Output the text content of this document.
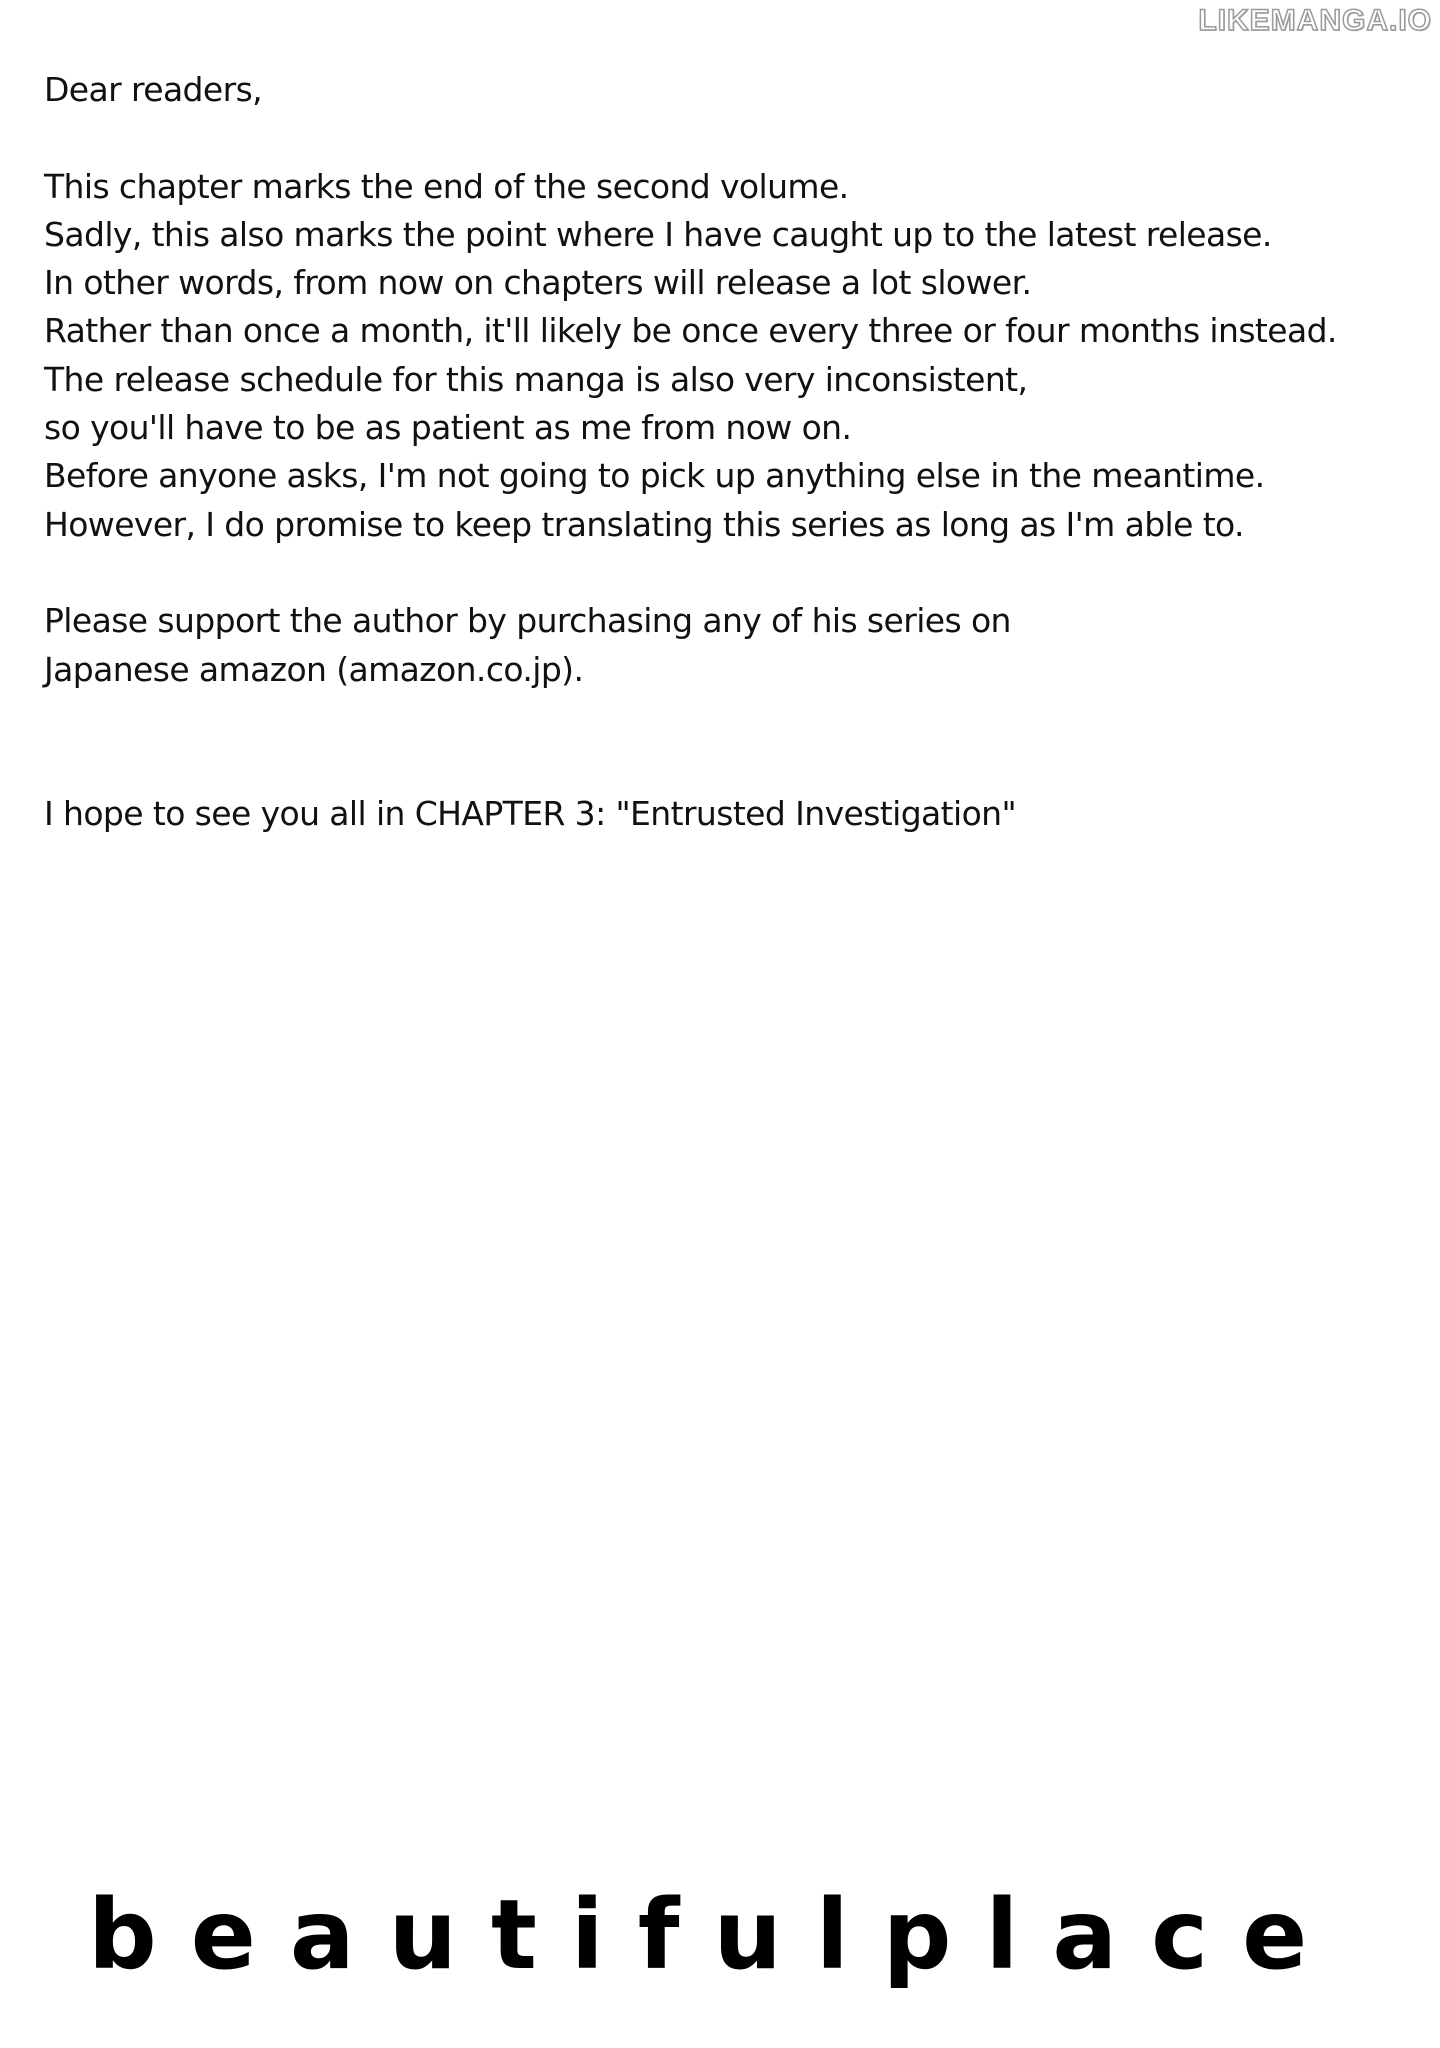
LIKEMANGA.IO
Dear readers,
This chapter marks the end of the second volume.
Sadly, this also marks the point where I have caught up to the latest release.
In other words, from now on chapters will release a lot slower.
Rather than once a month, it'll likely be once every three or four months instead.
The release schedule for this manga is also very inconsistent,
so you'll have to be as patient as me from now on.
Before anyone asks, I'm not going to pick up anything else in the meantime.
However, I do promise to keep translating this series as long as I'm able to.
Please support the author by purchasing any of his series on
Japanese amazon (amazon.co.jp).
I hope to see you all in CHAPTER 3: "Entrusted Investigation"
beautifulplace
